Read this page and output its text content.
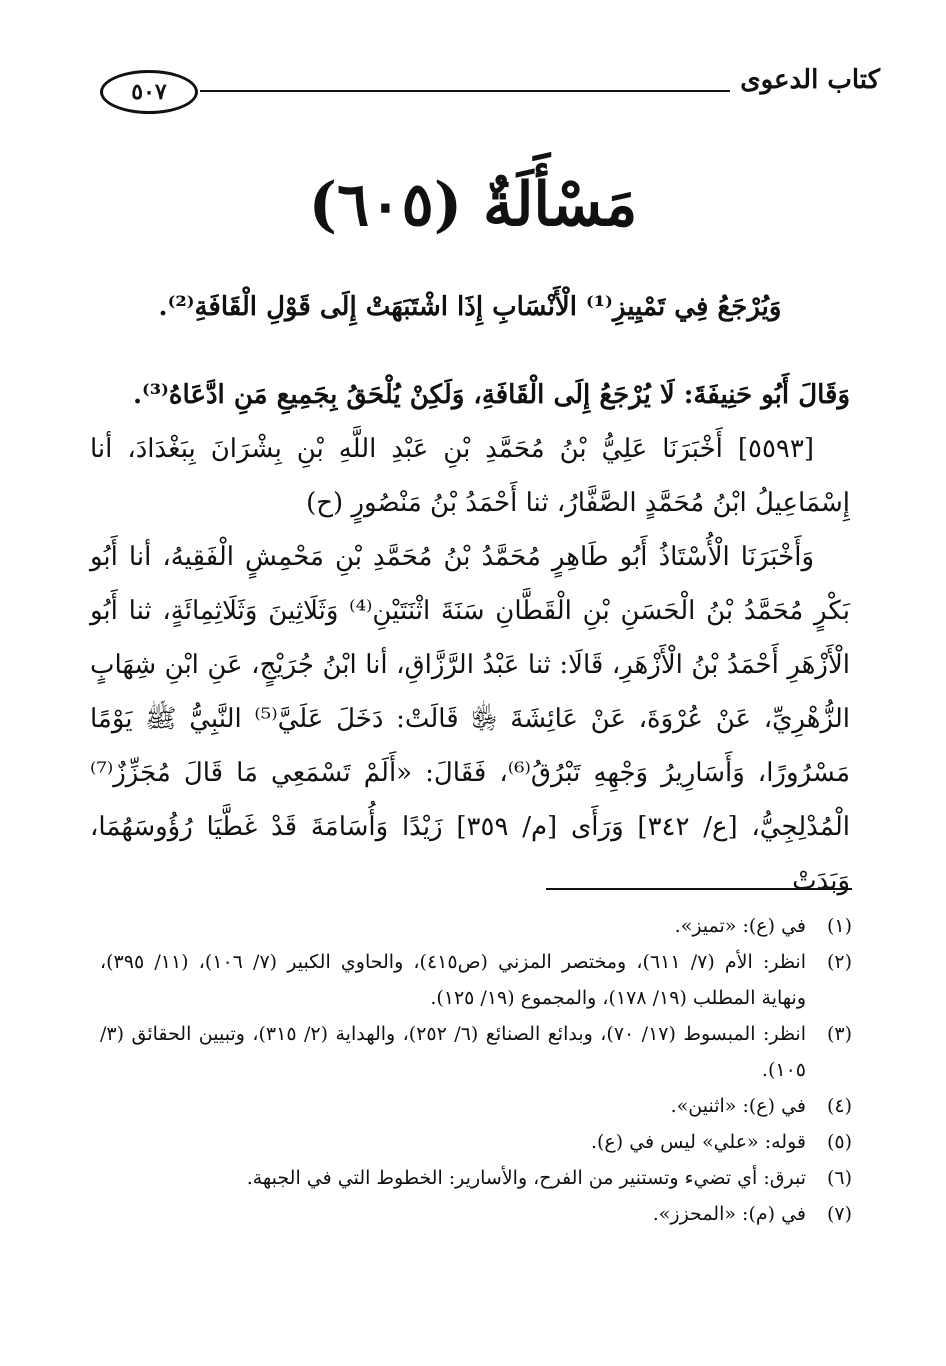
كتاب الدعوى
٥٠٧
مَسْأَلَةٌ (٦٠٥)

وَيُرْجَعُ فِي تَمْيِيزِ⁽¹⁾ الْأَنْسَابِ إِذَا اشْتَبَهَتْ إِلَى قَوْلِ الْقَافَةِ⁽²⁾.

وَقَالَ أَبُو حَنِيفَةَ: لَا يُرْجَعُ إِلَى الْقَافَةِ، وَلَكِنْ يُلْحَقُ بِجَمِيعِ مَنِ ادَّعَاهُ⁽³⁾.

[٥٥٩٣] أَخْبَرَنَا عَلِيُّ بْنُ مُحَمَّدِ بْنِ عَبْدِ اللَّهِ بْنِ بِشْرَانَ بِبَغْدَادَ، أنا إِسْمَاعِيلُ ابْنُ مُحَمَّدٍ الصَّفَّارُ، ثنا أَحْمَدُ بْنُ مَنْصُورٍ (ح)

وَأَخْبَرَنَا الْأُسْتَاذُ أَبُو طَاهِرٍ مُحَمَّدُ بْنُ مُحَمَّدِ بْنِ مَحْمِشٍ الْفَقِيهُ، أنا أَبُو بَكْرٍ مُحَمَّدُ بْنُ الْحَسَنِ بْنِ الْقَطَّانِ سَنَةَ اثْنَتَيْنِ⁽⁴⁾ وَثَلَاثِينَ وَثَلَاثِمِائَةٍ، ثنا أَبُو الْأَزْهَرِ أَحْمَدُ بْنُ الْأَزْهَرِ، قَالَا: ثنا عَبْدُ الرَّزَّاقِ، أنا ابْنُ جُرَيْجٍ، عَنِ ابْنِ شِهَابٍ الزُّهْرِيِّ، عَنْ عُرْوَةَ، عَنْ عَائِشَةَ ﵂ قَالَتْ: دَخَلَ عَلَيَّ⁽⁵⁾ النَّبِيُّ ﷺ يَوْمًا مَسْرُورًا، وَأَسَارِيرُ وَجْهِهِ تَبْرُقُ⁽⁶⁾، فَقَالَ: «أَلَمْ تَسْمَعِي مَا قَالَ مُجَزِّزٌ⁽⁷⁾ الْمُدْلِجِيُّ، [ع/ ٣٤٢] وَرَأَى [م/ ٣٥٩] زَيْدًا وَأُسَامَةَ قَدْ غَطَّيَا رُؤُوسَهُمَا، وَبَدَتْ

(١)
في (ع): «تميز».
(٢)
انظر: الأم (٧/ ٦١١)، ومختصر المزني (ص٤١٥)، والحاوي الكبير (٧/ ١٠٦)، (١١/ ٣٩٥)، ونهاية المطلب (١٩/ ١٧٨)، والمجموع (١٩/ ١٢٥).
(٣)
انظر: المبسوط (١٧/ ٧٠)، وبدائع الصنائع (٦/ ٢٥٢)، والهداية (٢/ ٣١٥)، وتبيين الحقائق (٣/ ١٠٥).
(٤)
في (ع): «اثنين».
(٥)
قوله: «علي» ليس في (ع).
(٦)
تبرق: أي تضيء وتستنير من الفرح، والأسارير: الخطوط التي في الجبهة.
(٧)
في (م): «المحزز».
